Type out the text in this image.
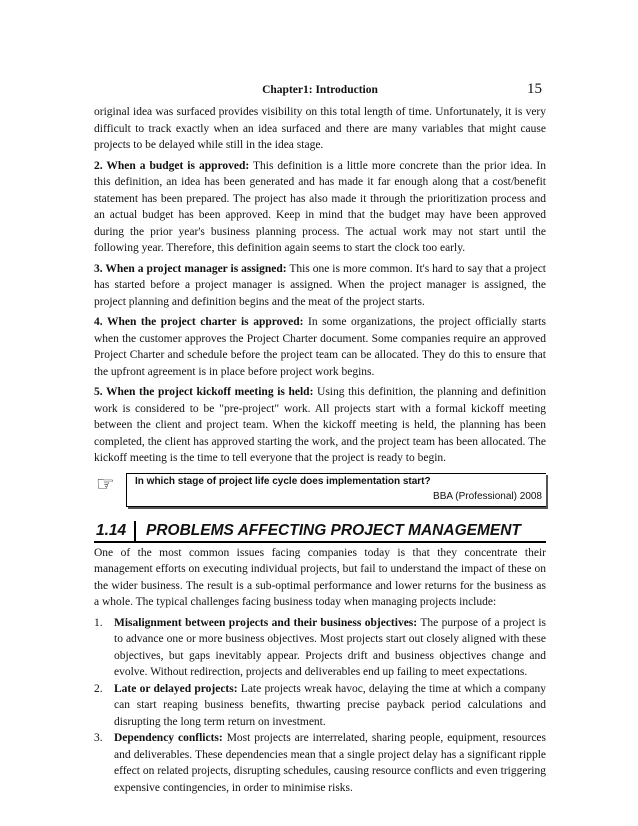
Chapter1: Introduction	15

original idea was surfaced provides visibility on this total length of time. Unfortunately, it is very difficult to track exactly when an idea surfaced and there are many variables that might cause projects to be delayed while still in the idea stage.

2. When a budget is approved: This definition is a little more concrete than the prior idea. In this definition, an idea has been generated and has made it far enough along that a cost/benefit statement has been prepared. The project has also made it through the prioritization process and an actual budget has been approved. Keep in mind that the budget may have been approved during the prior year's business planning process. The actual work may not start until the following year. Therefore, this definition again seems to start the clock too early.

3. When a project manager is assigned: This one is more common. It's hard to say that a project has started before a project manager is assigned. When the project manager is assigned, the project planning and definition begins and the meat of the project starts.

4. When the project charter is approved: In some organizations, the project officially starts when the customer approves the Project Charter document. Some companies require an approved Project Charter and schedule before the project team can be allocated. They do this to ensure that the upfront agreement is in place before project work begins.

5. When the project kickoff meeting is held: Using this definition, the planning and definition work is considered to be "pre-project" work. All projects start with a formal kickoff meeting between the client and project team. When the kickoff meeting is held, the planning has been completed, the client has approved starting the work, and the project team has been allocated. The kickoff meeting is the time to tell everyone that the project is ready to begin.

☞ In which stage of project life cycle does implementation start?
BBA (Professional) 2008
1.14 PROBLEMS AFFECTING PROJECT MANAGEMENT

One of the most common issues facing companies today is that they concentrate their management efforts on executing individual projects, but fail to understand the impact of these on the wider business. The result is a sub-optimal performance and lower returns for the business as a whole. The typical challenges facing business today when managing projects include:

1. Misalignment between projects and their business objectives: The purpose of a project is to advance one or more business objectives. Most projects start out closely aligned with these objectives, but gaps inevitably appear. Projects drift and business objectives change and evolve. Without redirection, projects and deliverables end up failing to meet expectations.
2. Late or delayed projects: Late projects wreak havoc, delaying the time at which a company can start reaping business benefits, thwarting precise payback period calculations and disrupting the long term return on investment.
3. Dependency conflicts: Most projects are interrelated, sharing people, equipment, resources and deliverables. These dependencies mean that a single project delay has a significant ripple effect on related projects, disrupting schedules, causing resource conflicts and even triggering expensive contingencies, in order to minimise risks.
